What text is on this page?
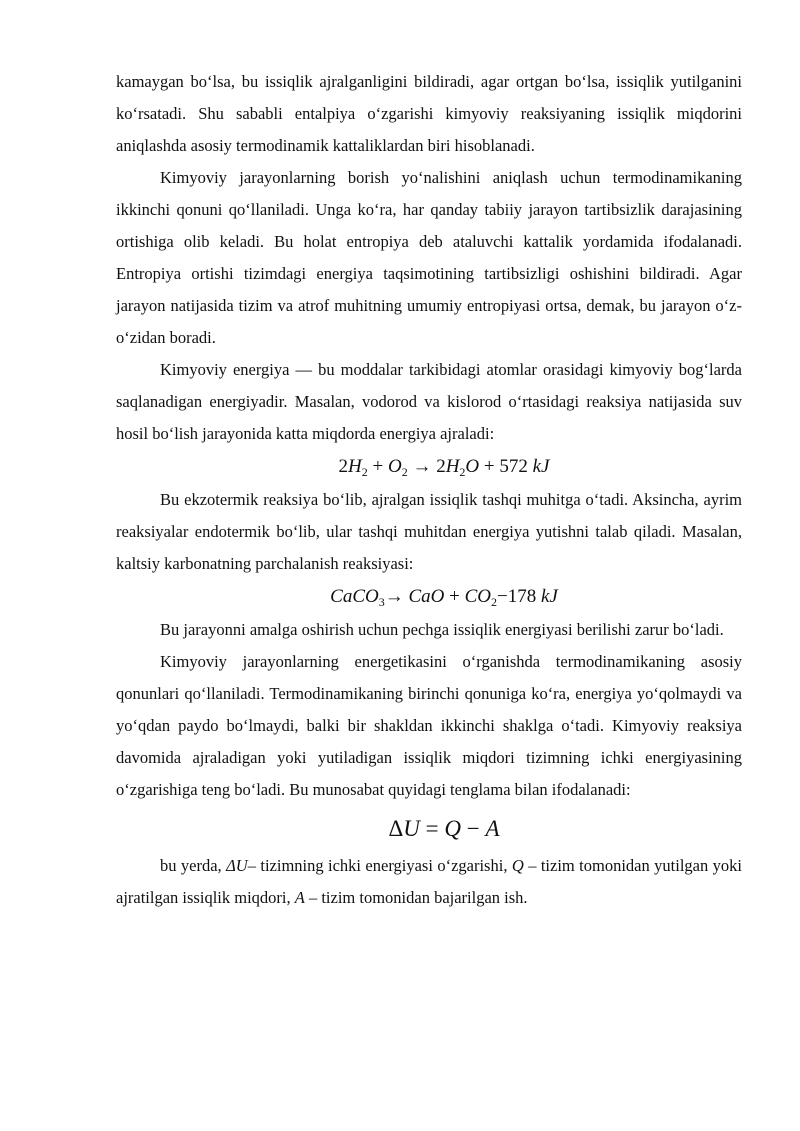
kamaygan bo‘lsa, bu issiqlik ajralganligini bildiradi, agar ortgan bo‘lsa, issiqlik yutilganini ko‘rsatadi. Shu sababli entalpiya o‘zgarishi kimyoviy reaksiyaning issiqlik miqdorini aniqlashda asosiy termodinamik kattaliklardan biri hisoblanadi.

Kimyoviy jarayonlarning borish yo‘nalishini aniqlash uchun termodinamikaning ikkinchi qonuni qo‘llaniladi. Unga ko‘ra, har qanday tabiiy jarayon tartibsizlik darajasining ortishiga olib keladi. Bu holat entropiya deb ataluvchi kattalik yordamida ifodalanadi. Entropiya ortishi tizimdagi energiya taqsimotining tartibsizligi oshishini bildiradi. Agar jarayon natijasida tizim va atrof muhitning umumiy entropiyasi ortsa, demak, bu jarayon o‘z-o‘zidan boradi.

Kimyoviy energiya — bu moddalar tarkibidagi atomlar orasidagi kimyoviy bog‘larda saqlanadigan energiyadir. Masalan, vodorod va kislorod o‘rtasidagi reaksiya natijasida suv hosil bo‘lish jarayonida katta miqdorda energiya ajraladi:

$2H_2 + O_2 \to 2H_2O + 572$ kJ

Bu ekzotermik reaksiya bo‘lib, ajralgan issiqlik tashqi muhitga o‘tadi. Aksincha, ayrim reaksiyalar endotermik bo‘lib, ular tashqi muhitdan energiya yutishni talab qiladi. Masalan, kaltsiy karbonatning parchalanish reaksiyasi:

CaCO$_3$→ CaO + $CO_2-178$ kJ

Bu jarayonni amalga oshirish uchun pechga issiqlik energiyasi berilishi zarur bo‘ladi.

Kimyoviy jarayonlarning energetikasini o‘rganishda termodinamikaning asosiy qonunlari qo‘llaniladi. Termodinamikaning birinchi qonuniga ko‘ra, energiya yo‘qolmaydi va yo‘qdan paydo bo‘lmaydi, balki bir shakldan ikkinchi shaklga o‘tadi. Kimyoviy reaksiya davomida ajraladigan yoki yutiladigan issiqlik miqdori tizimning ichki energiyasining o‘zgarishiga teng bo‘ladi. Bu munosabat quyidagi tenglama bilan ifodalanadi:

ΔU = Q − A

bu yerda, ΔU– tizimning ichki energiyasi o‘zgarishi, Q – tizim tomonidan yutilgan yoki ajratilgan issiqlik miqdori, A – tizim tomonidan bajarilgan ish.
